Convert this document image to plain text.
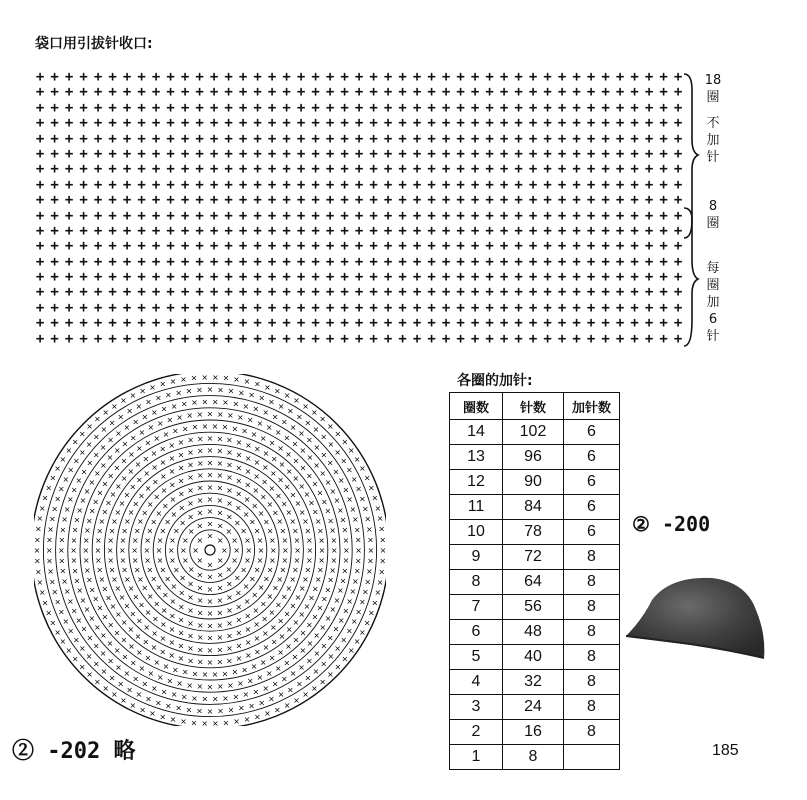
袋口用引拔针收口:
+ + + + + + + + + + + + + + + + + + + + + + + + + + + + + + + + + + + + + + + + + + + + +
+ + + + + + + + + + + + + + + + + + + + + + + + + + + + + + + + + + + + + + + + + + + + +
+ + + + + + + + + + + + + + + + + + + + + + + + + + + + + + + + + + + + + + + + + + + + +
+ + + + + + + + + + + + + + + + + + + + + + + + + + + + + + + + + + + + + + + + + + + + +
+ + + + + + + + + + + + + + + + + + + + + + + + + + + + + + + + + + + + + + + + + + + + +
+ + + + + + + + + + + + + + + + + + + + + + + + + + + + + + + + + + + + + + + + + + + + +
+ + + + + + + + + + + + + + + + + + + + + + + + + + + + + + + + + + + + + + + + + + + + +
+ + + + + + + + + + + + + + + + + + + + + + + + + + + + + + + + + + + + + + + + + + + + +
+ + + + + + + + + + + + + + + + + + + + + + + + + + + + + + + + + + + + + + + + + + + + +
+ + + + + + + + + + + + + + + + + + + + + + + + + + + + + + + + + + + + + + + + + + + + +
+ + + + + + + + + + + + + + + + + + + + + + + + + + + + + + + + + + + + + + + + + + + + +
+ + + + + + + + + + + + + + + + + + + + + + + + + + + + + + + + + + + + + + + + + + + + +
+ + + + + + + + + + + + + + + + + + + + + + + + + + + + + + + + + + + + + + + + + + + + +
+ + + + + + + + + + + + + + + + + + + + + + + + + + + + + + + + + + + + + + + + + + + + +
+ + + + + + + + + + + + + + + + + + + + + + + + + + + + + + + + + + + + + + + + + + + + +
+ + + + + + + + + + + + + + + + + + + + + + + + + + + + + + + + + + + + + + + + + + + + +
+ + + + + + + + + + + + + + + + + + + + + + + + + + + + + + + + + + + + + + + + + + + + +
+ + + + + + + + + + + + + + + + + + + + + + + + + + + + + + + + + + + + + + + + + + + + +
18
圈
不
加
针
8
圈
每
圈
加
6
针
×
×
×
×
×
× × ×
×
×
×
×
×
×
×
×
×
×
×
× × ×
×
×
×
×
×
×
×
×
×
×
×
×
×
×
×
×
×
×
× × × × ×
×
×
×
×
×
×
×
×
×
×
×
×
×
×
×
×
×
×
×
×
×
×
×
×
×
× × × × ×
×
×
×
×
×
×
×
×
×
×
×
×
×
×
×
×
×
×
×
×
×
×
×
×
×
×
×
×
×
×
×
×
× × × × × × ×
×
×
×
×
×
×
×
×
×
×
×
×
×
×
×
×
×
×
×
×
×
×
×
×
×
×
×
×
×
×
×
×
×
×
×
×
×
×
× × × × × × × × ×
×
×
×
×
×
×
×
×
×
×
×
×
×
×
×
×
×
×
×
×
×
×
×
×
×
×
×
×
×
×
×
×
×
×
×
×
×
×
×
×
×
×
×
×
×
× × × × × × × × ×
×
×
×
×
×
×
×
×
×
×
×
×
×
×
×
×
×
×
×
×
×
×
×
×
×
×
×
×
×
×
×
×
×
×
×
×
×
×
×
×
×
×
×
×
×
×
×
×
×
×
×
×
× × × × × × × × × × ×
×
×
×
×
×
×
×
×
×
×
×
×
×
×
×
×
×
×
×
×
×
×
×
×
×
×
×
×
×
×
×
×
×
×
×
×
×
×
×
×
×
×
×
×
×
×
×
×
×
×
×
×
×
×
×
×
×
×
× × × × × × × × × × × × ×
×
×
×
×
×
×
×
×
×
×
×
×
×
×
×
×
×
×
×
×
×
×
×
×
×
×
×
×
×
×
×
×
×
×
×
×
×
×
×
×
×
×
×
×
×
×
×
×
×
×
×
×
×
×
×
×
×
×
×
×
×
×
×
×
× × × × × × × × × × × ×
×
×
×
×
×
×
×
×
×
×
×
×
×
×
×
×
×
×
×
×
×
×
×
×
×
×
×
×
×
×
×
×
×
×
×
×
×
×
×
×
×
×
×
×
×
×
×
×
×
×
×
×
×
×
×
×
×
×
×
×
×
×
×
×
×
×
×
×
×
×
× × × × × × × × × × × × ×
×
×
×
×
×
×
×
×
×
×
×
×
×
×
×
×
×
×
×
×
×
×
×
×
×
×
×
×
×
×
×
×
×
×
×
×
×
×
×
×
×
×
×
×
×
×
×
×
×
×
×
×
×
×
×
×
×
×
×
×
×
×
×
×
×
×
×
×
×
×
×
×
×
×
×
× × × × × × × × × × × × × ×
×
×
×
×
×
×
×
×
×
×
×
×
×
×
×
×
×
×
×
×
×
×
×
×
×
×
×
×
×
×
×
×
×
×
×
×
×
×
×
×
×
×
×
×
×
×
×
×
×
×
×
×
×
×
×
×
×
×
×
×
×
×
×
×
×
×
×
×
×
×
×
×
×
×
×
×
×
×
×
×
× × × × × × × × × × × × × × ×
×
×
×
×
×
×
×
×
×
×
×
×
×
×
×
×
×
×
×
×
×
×
×
×
×
×
×
×
×
×
×
×
×
×
×
×
×
×
×
×
×
×
×
×
×
×
×
×
×
×
×
×
×
×
×
×
×
×
×
×
×
×
×
×
×
×
×
×
×
×
×
×
×
×
×
×
×
×
×
×
×
×
×
×
×
× × × × × × × × × × × × × × × ×
×
×
×
×
×
×
×
×
×
×
×
×
×
×
×
×
×
各圈的加针:
圈数	针数	加针数
14	102	6
13	96	6
12	90	6
11	84	6
10	78	6
9	72	8
8	64	8
7	56	8
6	48	8
5	40	8
4	32	8
3	24	8
2	16	8
1	8	
② -200
② -202 略	185
